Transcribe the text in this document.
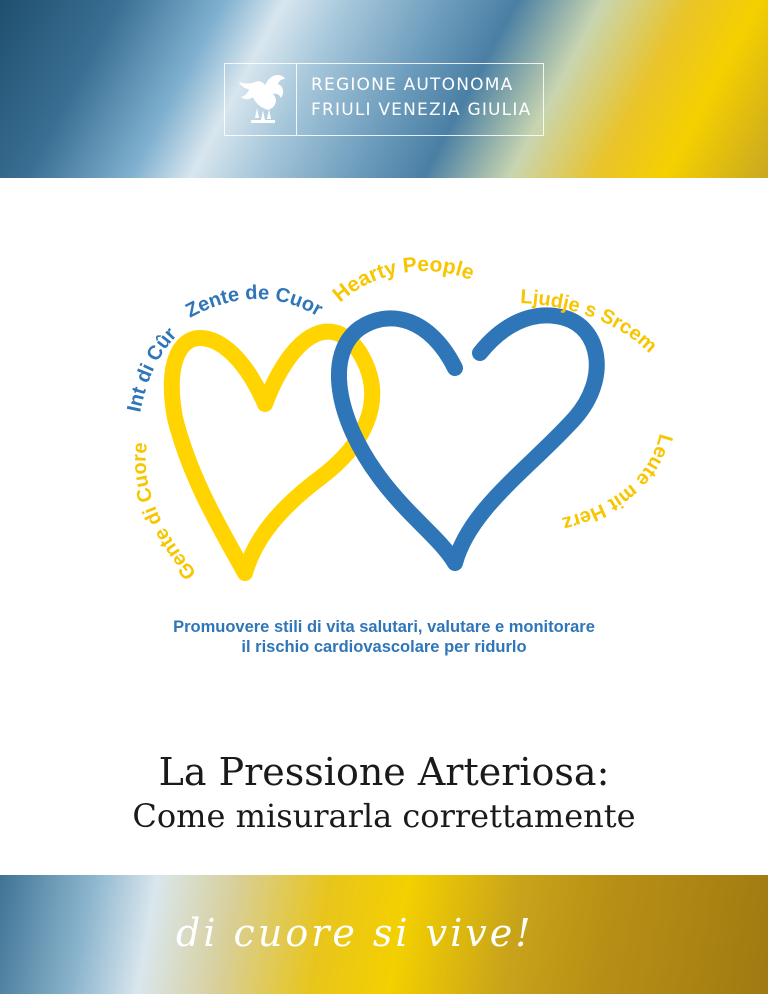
REGIONE AUTONOMA
FRIULI VENEZIA GIULIA
Gente di Cuore
Int di Cûr
Zente de Cuor
Hearty People
Ljudje s Srcem
Leute mit Herz
Promuovere stili di vita salutari, valutare e monitorare
il rischio cardiovascolare per ridurlo
La Pressione Arteriosa:
Come misurarla correttamente
di cuore si vive!
